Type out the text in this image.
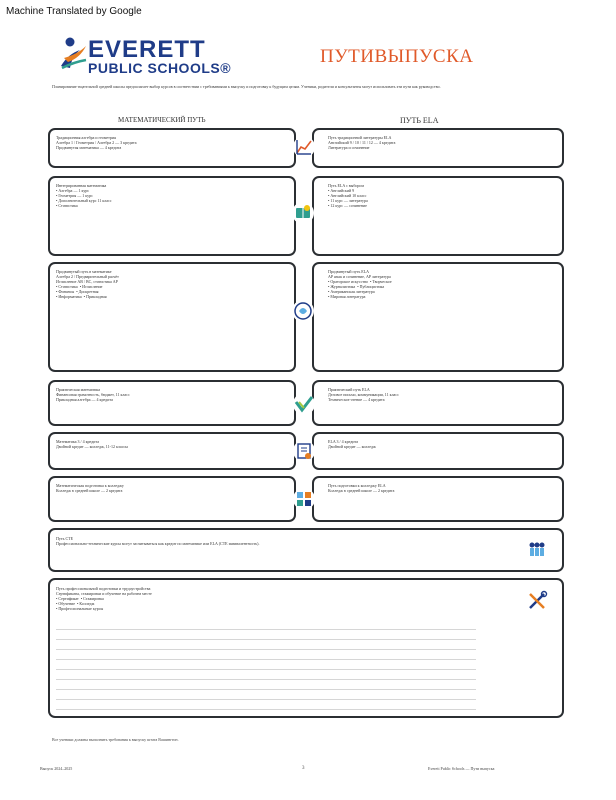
Machine Translated by Google
EVERETT
PUBLIC SCHOOLS®
ПУТИВЫПУСКА
Планирование тщательной средней школы предполагает выбор курсов в соответствии с требованиями к выпуску и подготовку к будущим целям. Ученики, родители и консультанты могут использовать эти пути как руководство.
МАТЕМАТИЧЕСКИЙ ПУТЬ	ПУТЬ ELA
Традиционная алгебра и геометрия
Алгебра 1 / Геометрия / Алгебра 2 — 3 кредита
Продвинутая математика — 4 кредита
Интегрированная математика
• Алгебра — 1 курс
• Геометрия — 1 курс
• Дополнительный курс 11 класс
• Статистика
Продвинутый путь в математике
Алгебра 2 / Предварительный расчёт
Исчисление AB / BC, статистика AP
• Статистика  • Исчисление
• Финансы  • Дискретная
• Информатика  • Прикладная
Практическая математика
Финансовая грамотность, бюджет, 11 класс
Прикладная алгебра — 4 кредита
Математика 3 / 4 кредита
Двойной кредит — колледж, 11-12 классы
Математическая подготовка к колледжу
Колледж в средней школе — 2 кредита
Путь традиционной литературы ELA
Английский 9 / 10 / 11 / 12 — 4 кредита
Литература и сочинение
Путь ELA с выбором
• Английский 9
• Английский 10 класс
• 11 курс — литература
• 12 курс — сочинение
Продвинутый путь ELA
AP язык и сочинение, AP литература
• Ораторское искусство  • Творческое
• Журналистика  • Публицистика
• Американская литература
• Мировая литература
Практический путь ELA
Деловое письмо, коммуникации, 11 класс
Техническое чтение — 4 кредита
ELA 3 / 4 кредита
Двойной кредит — колледж
Путь подготовки к колледжу ELA
Колледж в средней школе — 2 кредита
Путь CTE
Профессионально-технические курсы могут засчитываться как кредит по математике или ELA (CTE эквивалентность).
Путь профессиональной подготовки и трудоустройства
Сертификаты, стажировки и обучение на рабочем месте
• Сертификат  • Стажировка
• Обучение  • Колледж
• Профессиональные курсы
Все ученики должны выполнить требования к выпуску штата Вашингтон.
Выпуск 2024–2025	3	Everett Public Schools — Пути выпуска
